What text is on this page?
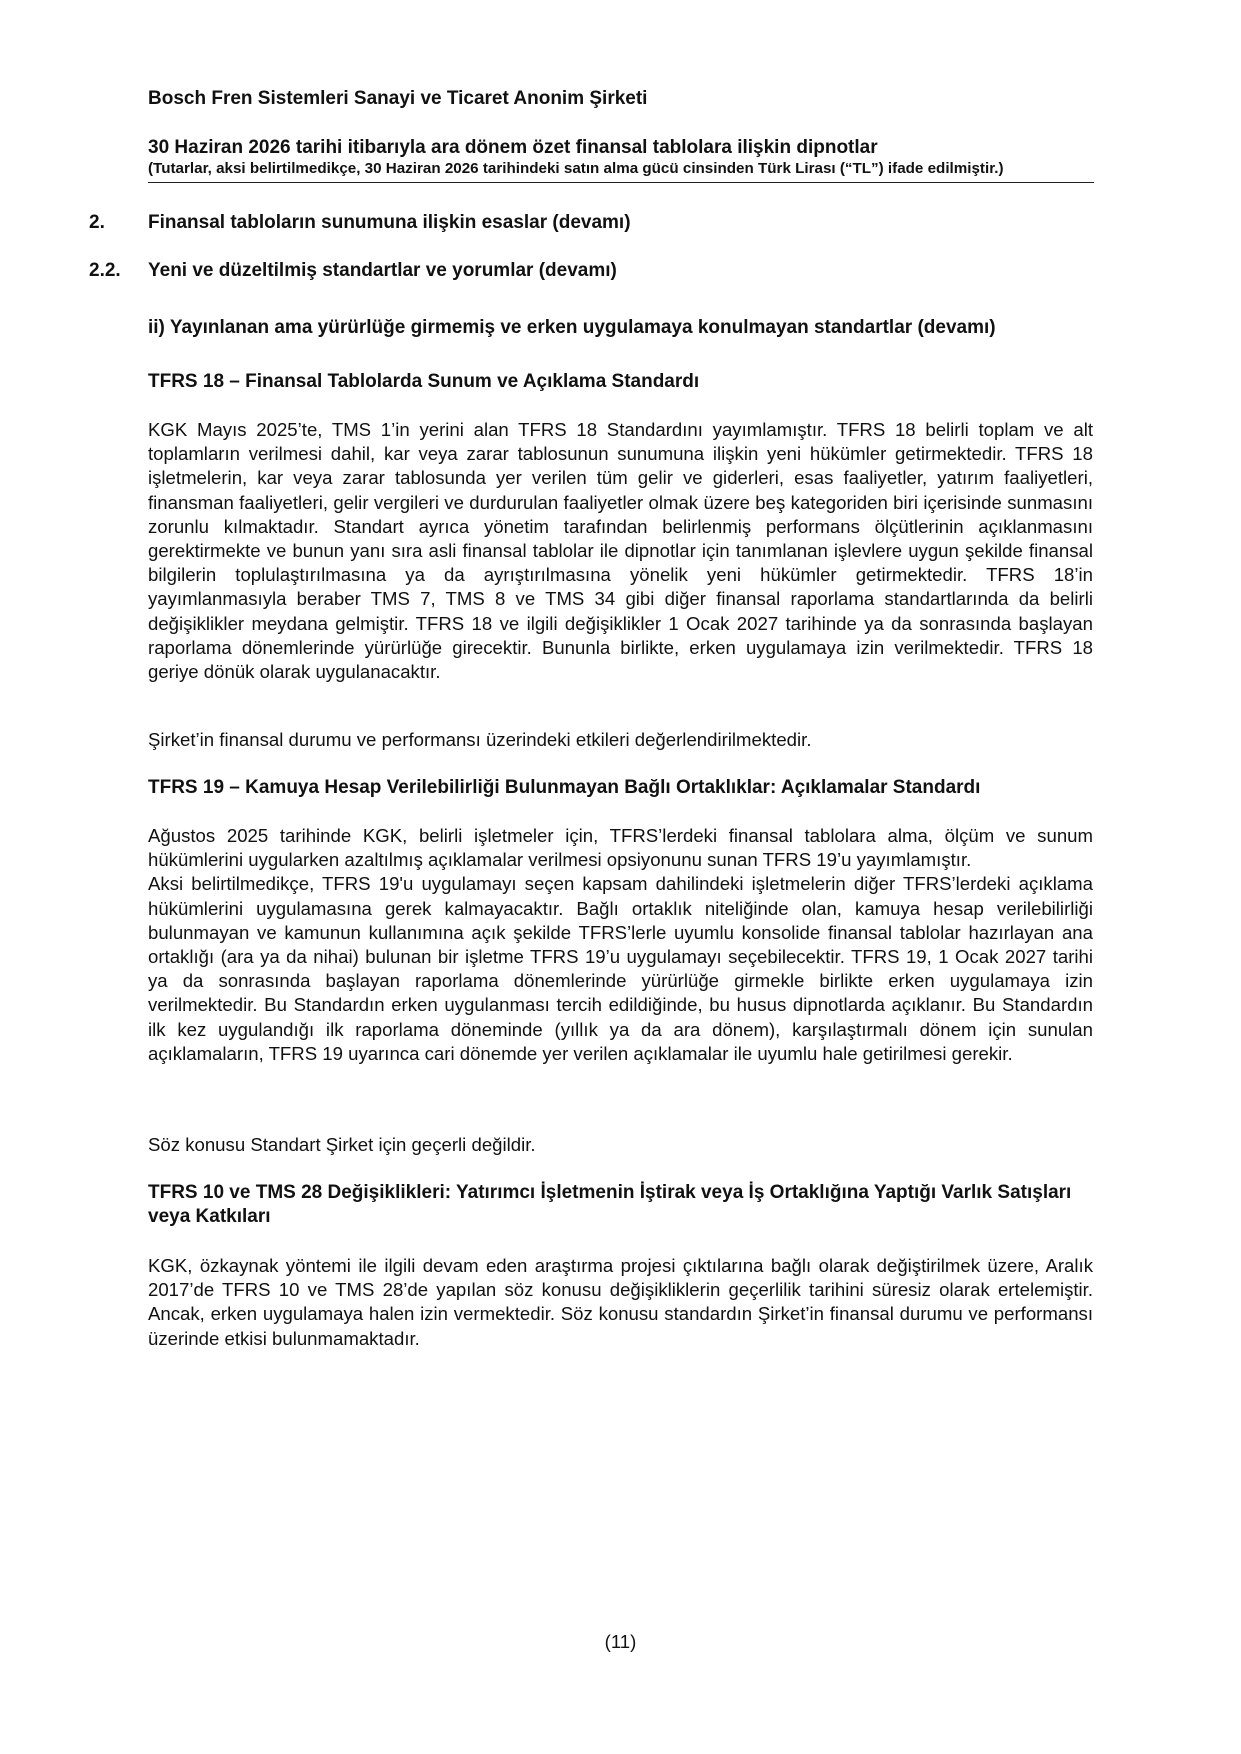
Bosch Fren Sistemleri Sanayi ve Ticaret Anonim Şirketi
30 Haziran 2026 tarihi itibarıyla ara dönem özet finansal tablolara ilişkin dipnotlar
(Tutarlar, aksi belirtilmedikçe, 30 Haziran 2026 tarihindeki satın alma gücü cinsinden Türk Lirası (“TL”) ifade edilmiştir.)
2. Finansal tabloların sunumuna ilişkin esaslar (devamı)
2.2. Yeni ve düzeltilmiş standartlar ve yorumlar (devamı)

ii) Yayınlanan ama yürürlüğe girmemiş ve erken uygulamaya konulmayan standartlar (devamı)

TFRS 18 – Finansal Tablolarda Sunum ve Açıklama Standardı

KGK Mayıs 2025’te, TMS 1’in yerini alan TFRS 18 Standardını yayımlamıştır. TFRS 18 belirli toplam ve alt toplamların verilmesi dahil, kar veya zarar tablosunun sunumuna ilişkin yeni hükümler getirmektedir. TFRS 18 işletmelerin, kar veya zarar tablosunda yer verilen tüm gelir ve giderleri, esas faaliyetler, yatırım faaliyetleri, finansman faaliyetleri, gelir vergileri ve durdurulan faaliyetler olmak üzere beş kategoriden biri içerisinde sunmasını zorunlu kılmaktadır. Standart ayrıca yönetim tarafından belirlenmiş performans ölçütlerinin açıklanmasını gerektirmekte ve bunun yanı sıra asli finansal tablolar ile dipnotlar için tanımlanan işlevlere uygun şekilde finansal bilgilerin toplulaştırılmasına ya da ayrıştırılmasına yönelik yeni hükümler getirmektedir. TFRS 18’in yayımlanmasıyla beraber TMS 7, TMS 8 ve TMS 34 gibi diğer finansal raporlama standartlarında da belirli değişiklikler meydana gelmiştir. TFRS 18 ve ilgili değişiklikler 1 Ocak 2027 tarihinde ya da sonrasında başlayan raporlama dönemlerinde yürürlüğe girecektir. Bununla birlikte, erken uygulamaya izin verilmektedir. TFRS 18 geriye dönük olarak uygulanacaktır.

Şirket’in finansal durumu ve performansı üzerindeki etkileri değerlendirilmektedir.

TFRS 19 – Kamuya Hesap Verilebilirliği Bulunmayan Bağlı Ortaklıklar: Açıklamalar Standardı

Ağustos 2025 tarihinde KGK, belirli işletmeler için, TFRS’lerdeki finansal tablolara alma, ölçüm ve sunum hükümlerini uygularken azaltılmış açıklamalar verilmesi opsiyonunu sunan TFRS 19’u yayımlamıştır.

Aksi belirtilmedikçe, TFRS 19'u uygulamayı seçen kapsam dahilindeki işletmelerin diğer TFRS’lerdeki açıklama hükümlerini uygulamasına gerek kalmayacaktır. Bağlı ortaklık niteliğinde olan, kamuya hesap verilebilirliği bulunmayan ve kamunun kullanımına açık şekilde TFRS’lerle uyumlu konsolide finansal tablolar hazırlayan ana ortaklığı (ara ya da nihai) bulunan bir işletme TFRS 19’u uygulamayı seçebilecektir. TFRS 19, 1 Ocak 2027 tarihi ya da sonrasında başlayan raporlama dönemlerinde yürürlüğe girmekle birlikte erken uygulamaya izin verilmektedir. Bu Standardın erken uygulanması tercih edildiğinde, bu husus dipnotlarda açıklanır. Bu Standardın ilk kez uygulandığı ilk raporlama döneminde (yıllık ya da ara dönem), karşılaştırmalı dönem için sunulan açıklamaların, TFRS 19 uyarınca cari dönemde yer verilen açıklamalar ile uyumlu hale getirilmesi gerekir.

Söz konusu Standart Şirket için geçerli değildir.

TFRS 10 ve TMS 28 Değişiklikleri: Yatırımcı İşletmenin İştirak veya İş Ortaklığına Yaptığı Varlık Satışları veya Katkıları

KGK, özkaynak yöntemi ile ilgili devam eden araştırma projesi çıktılarına bağlı olarak değiştirilmek üzere, Aralık 2017’de TFRS 10 ve TMS 28’de yapılan söz konusu değişikliklerin geçerlilik tarihini süresiz olarak ertelemiştir. Ancak, erken uygulamaya halen izin vermektedir. Söz konusu standardın Şirket’in finansal durumu ve performansı üzerinde etkisi bulunmamaktadır.

(11)
